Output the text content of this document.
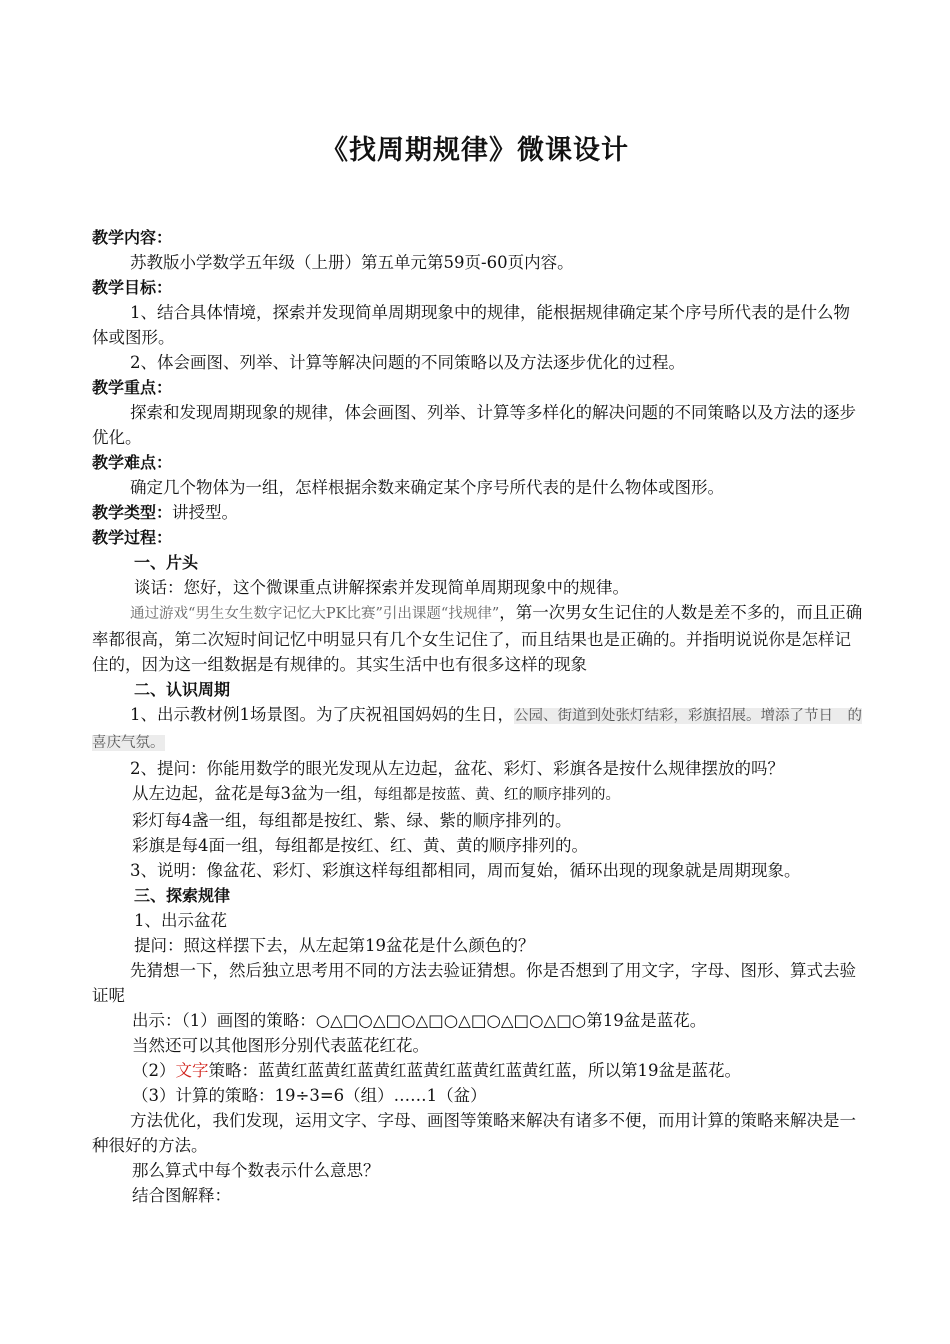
《找周期规律》微课设计

教学内容：

苏教版小学数学五年级（上册）第五单元第59页-60页内容。

教学目标：

1、结合具体情境，探索并发现简单周期现象中的规律，能根据规律确定某个序号所代表的是什么物体或图形。

2、体会画图、列举、计算等解决问题的不同策略以及方法逐步优化的过程。

教学重点：

探索和发现周期现象的规律，体会画图、列举、计算等多样化的解决问题的不同策略以及方法的逐步优化。

教学难点：

确定几个物体为一组，怎样根据余数来确定某个序号所代表的是什么物体或图形。

教学类型：讲授型。

教学过程：

一、片头

谈话：您好，这个微课重点讲解探索并发现简单周期现象中的规律。

通过游戏“男生女生数字记忆大PK比赛”引出课题“找规律”，第一次男女生记住的人数是差不多的，而且正确率都很高，第二次短时间记忆中明显只有几个女生记住了，而且结果也是正确的。并指明说说你是怎样记住的，因为这一组数据是有规律的。其实生活中也有很多这样的现象

二、认识周期

1、出示教材例1场景图。为了庆祝祖国妈妈的生日，公园、街道到处张灯结彩，彩旗招展。增添了节日　的喜庆气氛。

2、提问：你能用数学的眼光发现从左边起，盆花、彩灯、彩旗各是按什么规律摆放的吗？

从左边起，盆花是每3盆为一组，每组都是按蓝、黄、红的顺序排列的。

彩灯每4盏一组，每组都是按红、紫、绿、紫的顺序排列的。

彩旗是每4面一组，每组都是按红、红、黄、黄的顺序排列的。

3、说明：像盆花、彩灯、彩旗这样每组都相同，周而复始，循环出现的现象就是周期现象。

三、探索规律

1、出示盆花

提问：照这样摆下去，从左起第19盆花是什么颜色的？

先猜想一下，然后独立思考用不同的方法去验证猜想。你是否想到了用文字，字母、图形、算式去验证呢

出示：（1）画图的策略：○△□○△□○△□○△□○△□○△□○第19盆是蓝花。

当然还可以其他图形分别代表蓝花红花。

（2）文字策略：蓝黄红蓝黄红蓝黄红蓝黄红蓝黄红蓝黄红蓝，所以第19盆是蓝花。

（3）计算的策略：19÷3=6（组）……1（盆）

方法优化，我们发现，运用文字、字母、画图等策略来解决有诸多不便，而用计算的策略来解决是一种很好的方法。

那么算式中每个数表示什么意思？

结合图解释：
